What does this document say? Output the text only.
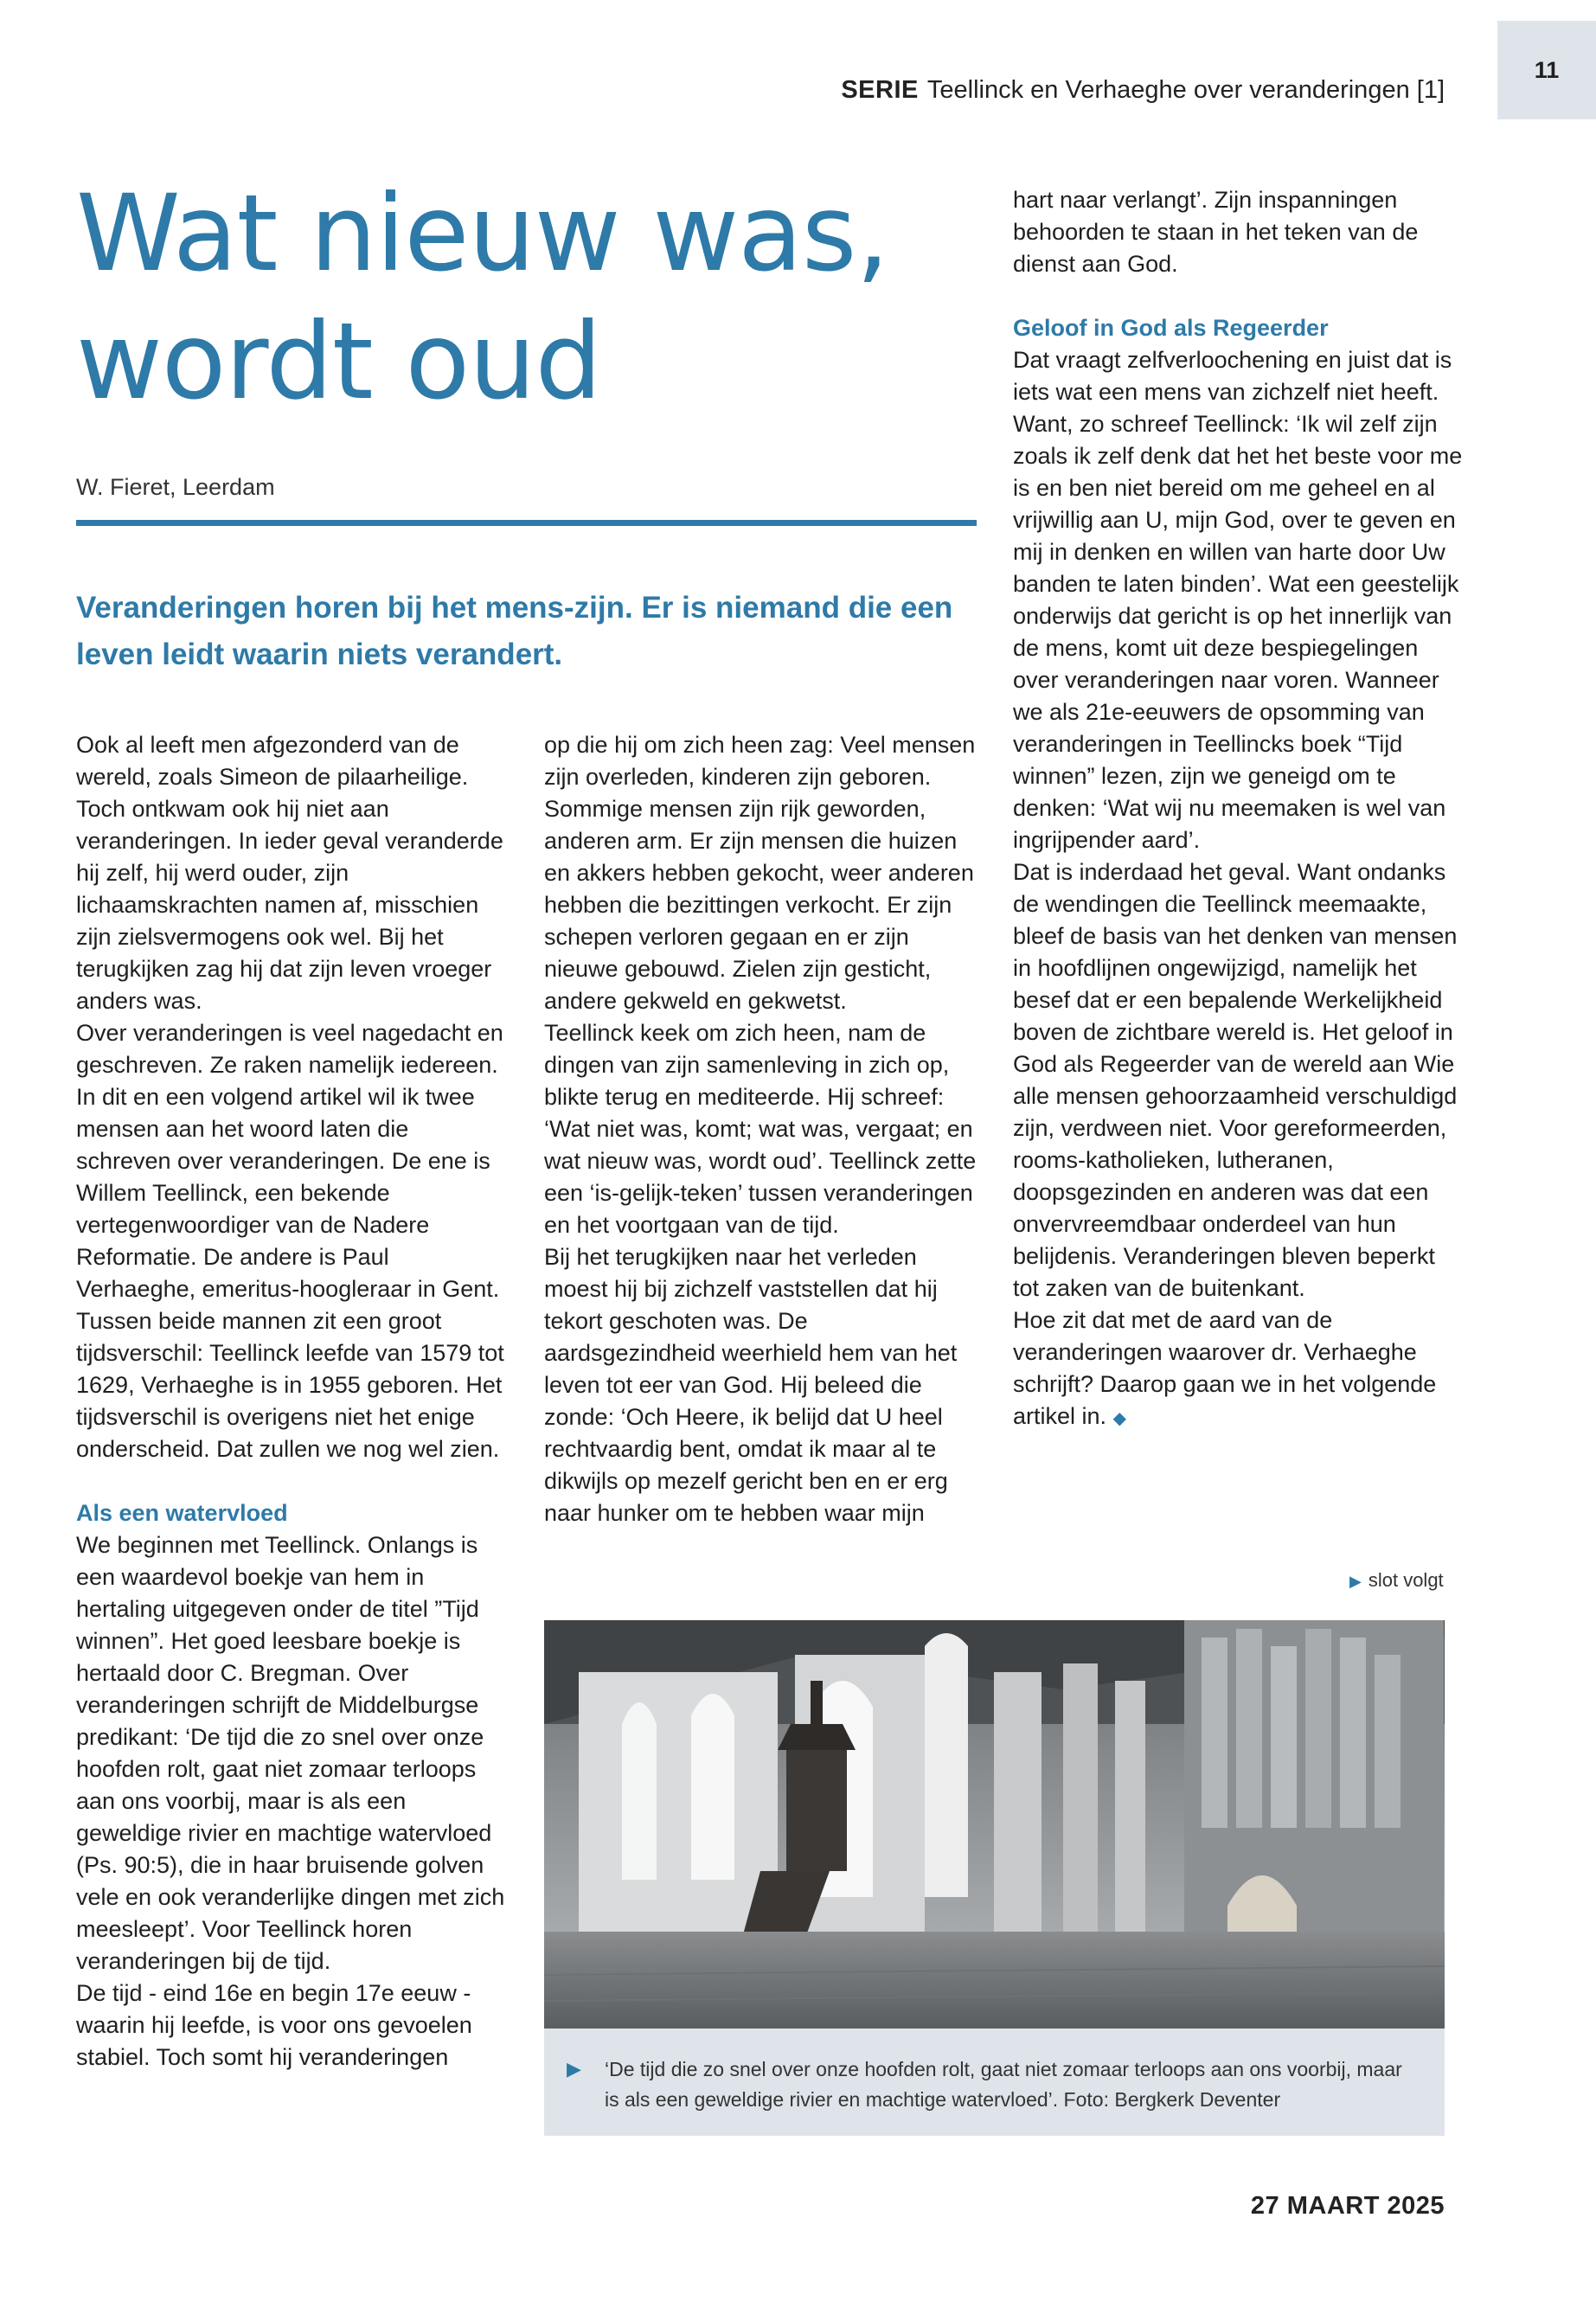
SERIE Teellinck en Verhaeghe over veranderingen [1]
11
Wat nieuw was,
wordt oud
W. Fieret, Leerdam

Veranderingen horen bij het mens-zijn. Er is niemand die een leven leidt waarin niets verandert.

Ook al leeft men afgezonderd van de wereld, zoals Simeon de pilaarheilige. Toch ontkwam ook hij niet aan veranderingen. In ieder geval veranderde hij zelf, hij werd ouder, zijn lichaamskrachten namen af, misschien zijn zielsvermogens ook wel. Bij het terugkijken zag hij dat zijn leven vroeger anders was.

Over veranderingen is veel nagedacht en geschreven. Ze raken namelijk iedereen. In dit en een volgend artikel wil ik twee mensen aan het woord laten die schreven over veranderingen. De ene is Willem Teellinck, een bekende vertegenwoordiger van de Nadere Reformatie. De andere is Paul Verhaeghe, emeritus-hoogleraar in Gent. Tussen beide mannen zit een groot tijdsverschil: Teellinck leefde van 1579 tot 1629, Verhaeghe is in 1955 geboren. Het tijdsverschil is overigens niet het enige onderscheid. Dat zullen we nog wel zien.

Als een watervloed

We beginnen met Teellinck. Onlangs is een waardevol boekje van hem in hertaling uitgegeven onder de titel ”Tijd winnen”. Het goed leesbare boekje is hertaald door C. Bregman. Over veranderingen schrijft de Middelburgse predikant: ‘De tijd die zo snel over onze hoofden rolt, gaat niet zomaar terloops aan ons voorbij, maar is als een geweldige rivier en machtige watervloed (Ps. 90:5), die in haar bruisende golven vele en ook veranderlijke dingen met zich meesleept’. Voor Teellinck horen veranderingen bij de tijd.

De tijd - eind 16e en begin 17e eeuw - waarin hij leefde, is voor ons gevoelen stabiel. Toch somt hij veranderingen

op die hij om zich heen zag: Veel mensen zijn overleden, kinderen zijn geboren. Sommige mensen zijn rijk geworden, anderen arm. Er zijn mensen die huizen en akkers hebben gekocht, weer anderen hebben die bezittingen verkocht. Er zijn schepen verloren gegaan en er zijn nieuwe gebouwd. Zielen zijn gesticht, andere gekweld en gekwetst.

Teellinck keek om zich heen, nam de dingen van zijn samenleving in zich op, blikte terug en mediteerde. Hij schreef: ‘Wat niet was, komt; wat was, vergaat; en wat nieuw was, wordt oud’. Teellinck zette een ‘is-gelijk-teken’ tussen veranderingen en het voortgaan van de tijd.

Bij het terugkijken naar het verleden moest hij bij zichzelf vaststellen dat hij tekort geschoten was. De aardsgezindheid weerhield hem van het leven tot eer van God. Hij beleed die zonde: ‘Och Heere, ik belijd dat U heel rechtvaardig bent, omdat ik maar al te dikwijls op mezelf gericht ben en er erg naar hunker om te hebben waar mijn

hart naar verlangt’. Zijn inspanningen behoorden te staan in het teken van de dienst aan God.

Geloof in God als Regeerder

Dat vraagt zelfverloochening en juist dat is iets wat een mens van zichzelf niet heeft. Want, zo schreef Teellinck: ‘Ik wil zelf zijn zoals ik zelf denk dat het het beste voor me is en ben niet bereid om me geheel en al vrijwillig aan U, mijn God, over te geven en mij in denken en willen van harte door Uw banden te laten binden’. Wat een geestelijk onderwijs dat gericht is op het innerlijk van de mens, komt uit deze bespiegelingen over veranderingen naar voren. Wanneer we als 21e-eeuwers de opsomming van veranderingen in Teellincks boek “Tijd winnen” lezen, zijn we geneigd om te denken: ‘Wat wij nu meemaken is wel van ingrijpender aard’.

Dat is inderdaad het geval. Want ondanks de wendingen die Teellinck meemaakte, bleef de basis van het denken van mensen in hoofdlijnen ongewijzigd, namelijk het besef dat er een bepalende Werkelijkheid boven de zichtbare wereld is. Het geloof in God als Regeerder van de wereld aan Wie alle mensen gehoorzaamheid verschuldigd zijn, verdween niet. Voor gereformeerden, rooms-katholieken, lutheranen, doopsgezinden en anderen was dat een onvervreemdbaar onderdeel van hun belijdenis. Veranderingen bleven beperkt tot zaken van de buitenkant.

Hoe zit dat met de aard van de veranderingen waarover dr. Verhaeghe schrijft? Daarop gaan we in het volgende artikel in. ◆

▶ slot volgt
▶ ‘De tijd die zo snel over onze hoofden rolt, gaat niet zomaar terloops aan ons voorbij, maar is als een geweldige rivier en machtige watervloed’. Foto: Bergkerk Deventer
27 MAART 2025
